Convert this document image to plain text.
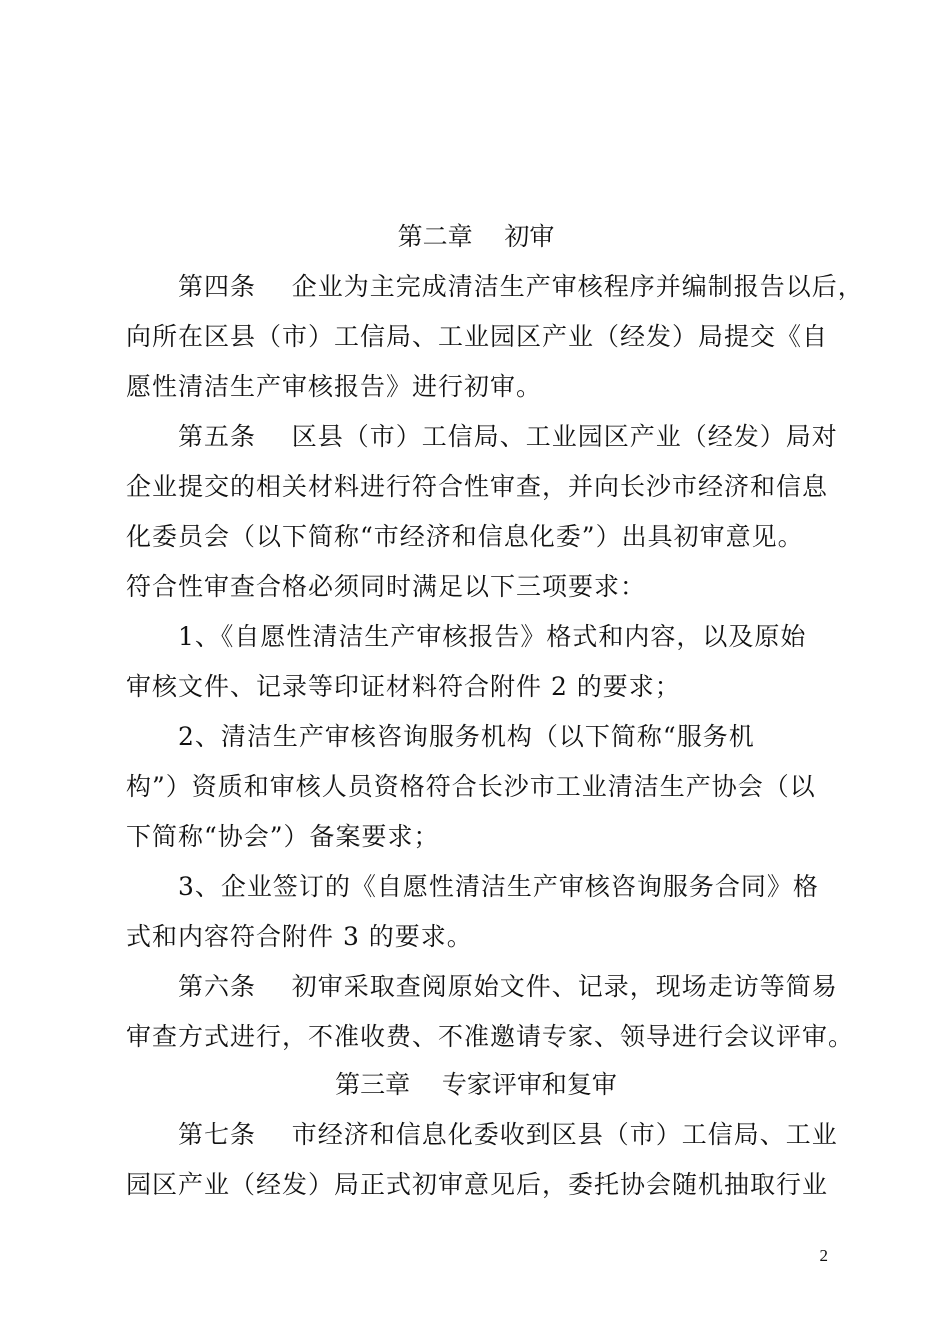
第二章    初审
第四条    企业为主完成清洁生产审核程序并编制报告以后，
向所在区县（市）工信局、工业园区产业（经发）局提交《自
愿性清洁生产审核报告》进行初审。
第五条    区县（市）工信局、工业园区产业（经发）局对
企业提交的相关材料进行符合性审查，并向长沙市经济和信息
化委员会（以下简称“市经济和信息化委”）出具初审意见。
符合性审查合格必须同时满足以下三项要求：
1、《自愿性清洁生产审核报告》格式和内容，以及原始
审核文件、记录等印证材料符合附件 2 的要求；
2、清洁生产审核咨询服务机构（以下简称“服务机
构”）资质和审核人员资格符合长沙市工业清洁生产协会（以
下简称“协会”）备案要求；
3、企业签订的《自愿性清洁生产审核咨询服务合同》格
式和内容符合附件 3 的要求。
第六条    初审采取查阅原始文件、记录，现场走访等简易
审查方式进行，不准收费、不准邀请专家、领导进行会议评审。
第三章    专家评审和复审
第七条    市经济和信息化委收到区县（市）工信局、工业
园区产业（经发）局正式初审意见后，委托协会随机抽取行业
2
